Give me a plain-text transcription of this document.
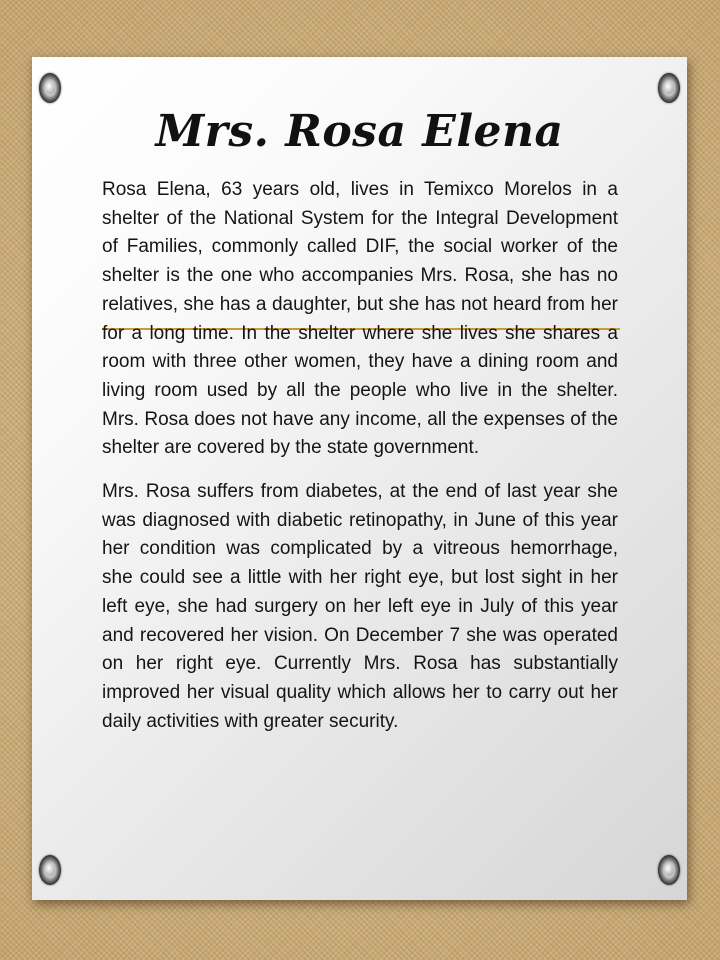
Mrs. Rosa Elena

Rosa Elena, 63 years old, lives in Temixco Morelos in a shelter of the National System for the Integral Development of Families, commonly called DIF, the social worker of the shelter is the one who accompanies Mrs. Rosa, she has no relatives, she has a daughter, but she has not heard from her for a long time. In the shelter where she lives she shares a room with three other women, they have a dining room and living room used by all the people who live in the shelter. Mrs. Rosa does not have any income, all the expenses of the shelter are covered by the state government.

Mrs. Rosa suffers from diabetes, at the end of last year she was diagnosed with diabetic retinopathy, in June of this year her condition was complicated by a vitreous hemorrhage, she could see a little with her right eye, but lost sight in her left eye, she had surgery on her left eye in July of this year and recovered her vision. On December 7 she was operated on her right eye. Currently Mrs. Rosa has substantially improved her visual quality which allows her to carry out her daily activities with greater security.
